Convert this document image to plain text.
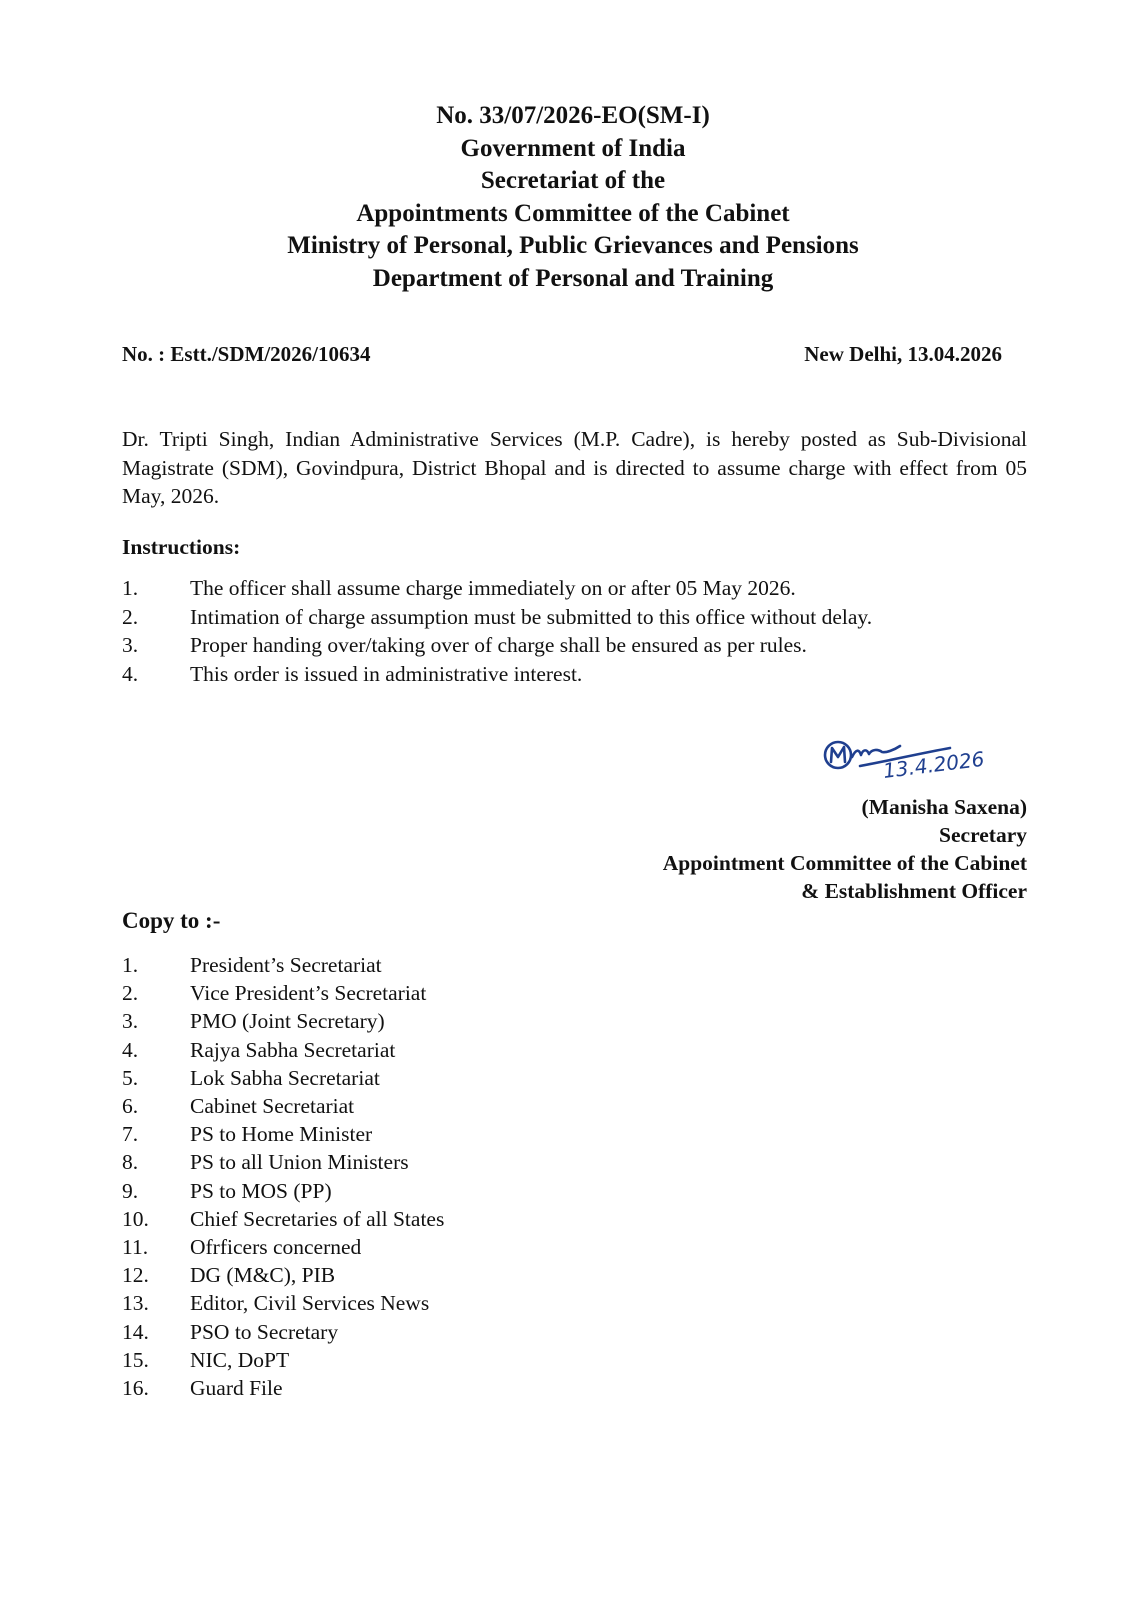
No. 33/07/2026-EO(SM-I)
Government of India
Secretariat of the
Appointments Committee of the Cabinet
Ministry of Personal, Public Grievances and Pensions
Department of Personal and Training
No. : Estt./SDM/2026/10634	New Delhi, 13.04.2026
Dr. Tripti Singh, Indian Administrative Services (M.P. Cadre), is hereby posted as Sub-Divisional Magistrate (SDM), Govindpura, District Bhopal and is directed to assume charge with effect from 05 May, 2026.
Instructions:
1. The officer shall assume charge immediately on or after 05 May 2026.
2. Intimation of charge assumption must be submitted to this office without delay.
3. Proper handing over/taking over of charge shall be ensured as per rules.
4. This order is issued in administrative interest.
13.4.2026
(Manisha Saxena)
Secretary
Appointment Committee of the Cabinet
& Establishment Officer
Copy to :-
1. President’s Secretariat
2. Vice President’s Secretariat
3. PMO (Joint Secretary)
4. Rajya Sabha Secretariat
5. Lok Sabha Secretariat
6. Cabinet Secretariat
7. PS to Home Minister
8. PS to all Union Ministers
9. PS to MOS (PP)
10. Chief Secretaries of all States
11. Ofrficers concerned
12. DG (M&C), PIB
13. Editor, Civil Services News
14. PSO to Secretary
15. NIC, DoPT
16. Guard File
